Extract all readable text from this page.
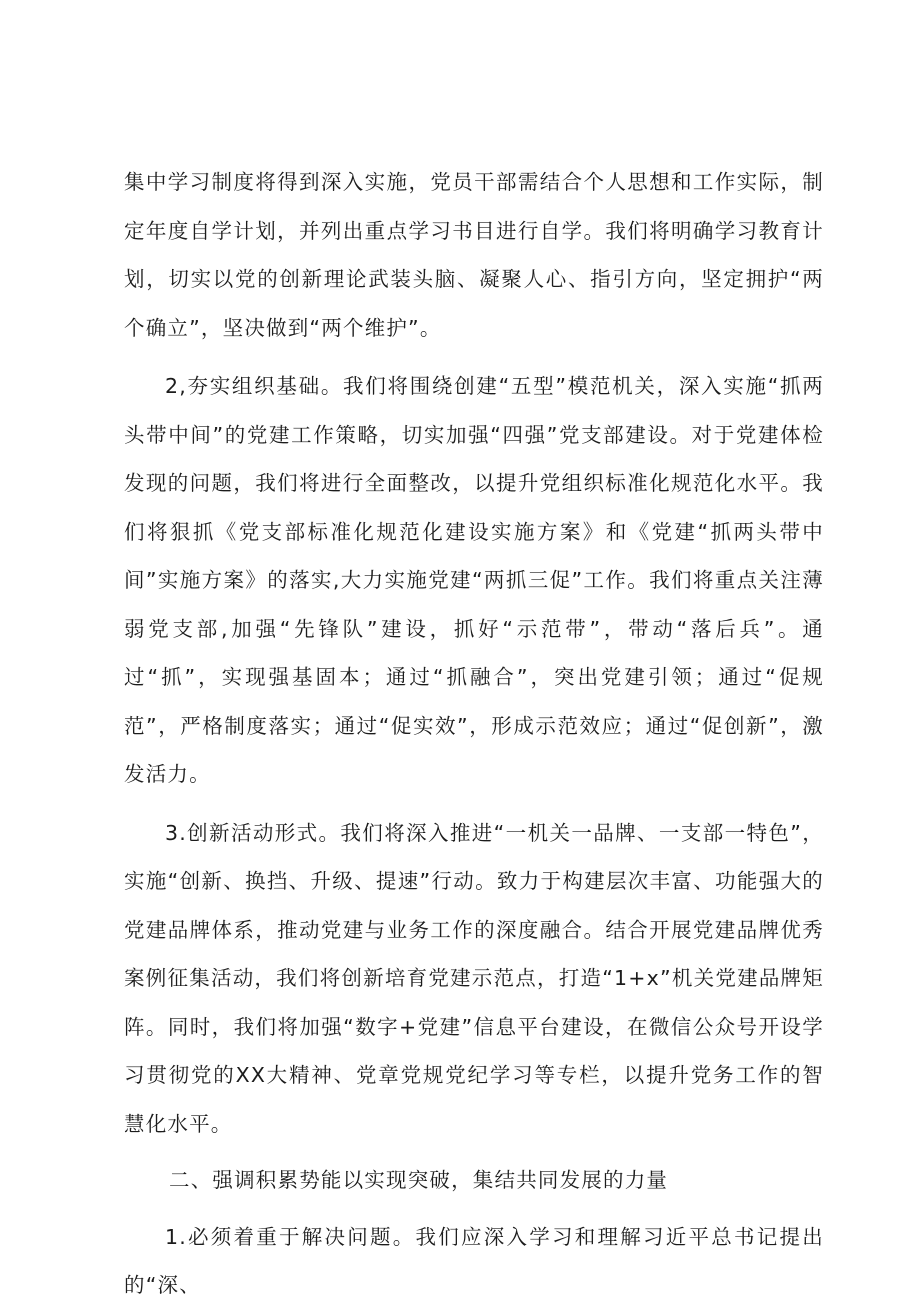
集中学习制度将得到深入实施，党员干部需结合个人思想和工作实际，制定年度自学计划，并列出重点学习书目进行自学。我们将明确学习教育计划，切实以党的创新理论武装头脑、凝聚人心、指引方向，坚定拥护“两个确立”，坚决做到“两个维护”。

2,夯实组织基础。我们将围绕创建“五型”模范机关，深入实施“抓两头带中间”的党建工作策略，切实加强“四强”党支部建设。对于党建体检发现的问题，我们将进行全面整改，以提升党组织标准化规范化水平。我们将狠抓《党支部标准化规范化建设实施方案》和《党建“抓两头带中间”实施方案》的落实,大力实施党建“两抓三促”工作。我们将重点关注薄弱党支部,加强“先锋队”建设，抓好“示范带”，带动“落后兵”。通过“抓”，实现强基固本；通过“抓融合”，突出党建引领；通过“促规范”，严格制度落实；通过“促实效”，形成示范效应；通过“促创新”，激发活力。

3.创新活动形式。我们将深入推进“一机关一品牌、一支部一特色”，实施“创新、换挡、升级、提速”行动。致力于构建层次丰富、功能强大的党建品牌体系，推动党建与业务工作的深度融合。结合开展党建品牌优秀案例征集活动，我们将创新培育党建示范点，打造“1+x”机关党建品牌矩阵。同时，我们将加强“数字+党建”信息平台建设，在微信公众号开设学习贯彻党的XX大精神、党章党规党纪学习等专栏，以提升党务工作的智慧化水平。

二、强调积累势能以实现突破，集结共同发展的力量

1.必须着重于解决问题。我们应深入学习和理解习近平总书记提出的“深、
